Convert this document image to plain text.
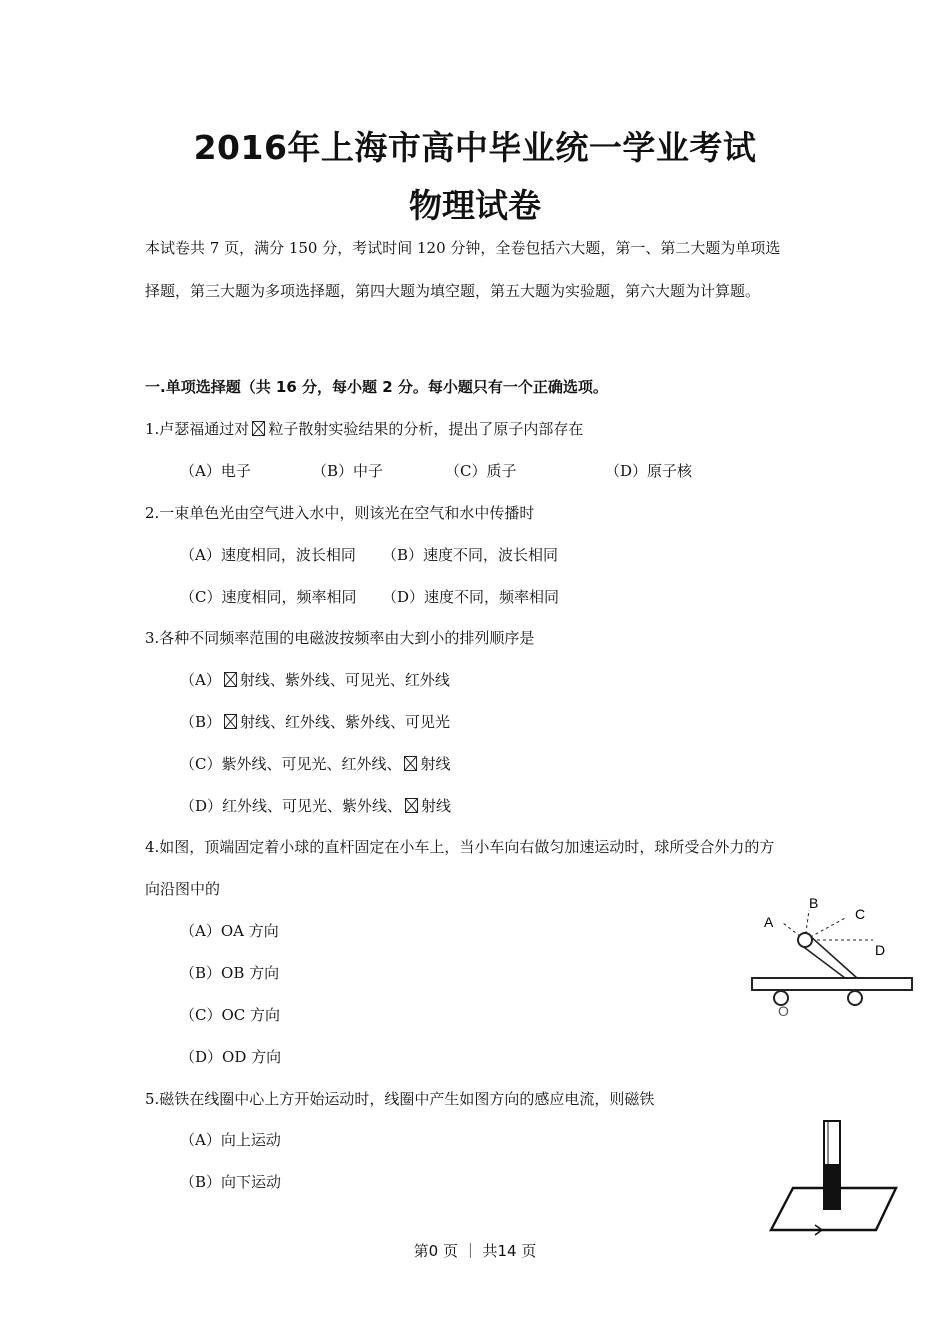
2016年上海市高中毕业统一学业考试
物理试卷
本试卷共 7 页，满分 150 分，考试时间 120 分钟，全卷包括六大题，第一、第二大题为单项选
择题，第三大题为多项选择题，第四大题为填空题，第五大题为实验题，第六大题为计算题。
一.单项选择题（共 16 分，每小题 2 分。每小题只有一个正确选项。
1.卢瑟福通过对 粒子散射实验结果的分析，提出了原子内部存在
（A）电子	（B）中子	（C）质子	（D）原子核
2.一束单色光由空气进入水中，则该光在空气和水中传播时
（A）速度相同，波长相同 （B）速度不同，波长相同
（C）速度相同，频率相同 （D）速度不同，频率相同
3.各种不同频率范围的电磁波按频率由大到小的排列顺序是
（A） 射线、紫外线、可见光、红外线
（B） 射线、红外线、紫外线、可见光
（C）紫外线、可见光、红外线、 射线
（D）红外线、可见光、紫外线、 射线
4.如图，顶端固定着小球的直杆固定在小车上，当小车向右做匀加速运动时，球所受合外力的方
向沿图中的
（A）OA 方向
（B）OB 方向
（C）OC 方向
（D）OD 方向
A
B
C
D
O
5.磁铁在线圈中心上方开始运动时，线圈中产生如图方向的感应电流，则磁铁
（A）向上运动
（B）向下运动
第0 页 ｜ 共14 页
